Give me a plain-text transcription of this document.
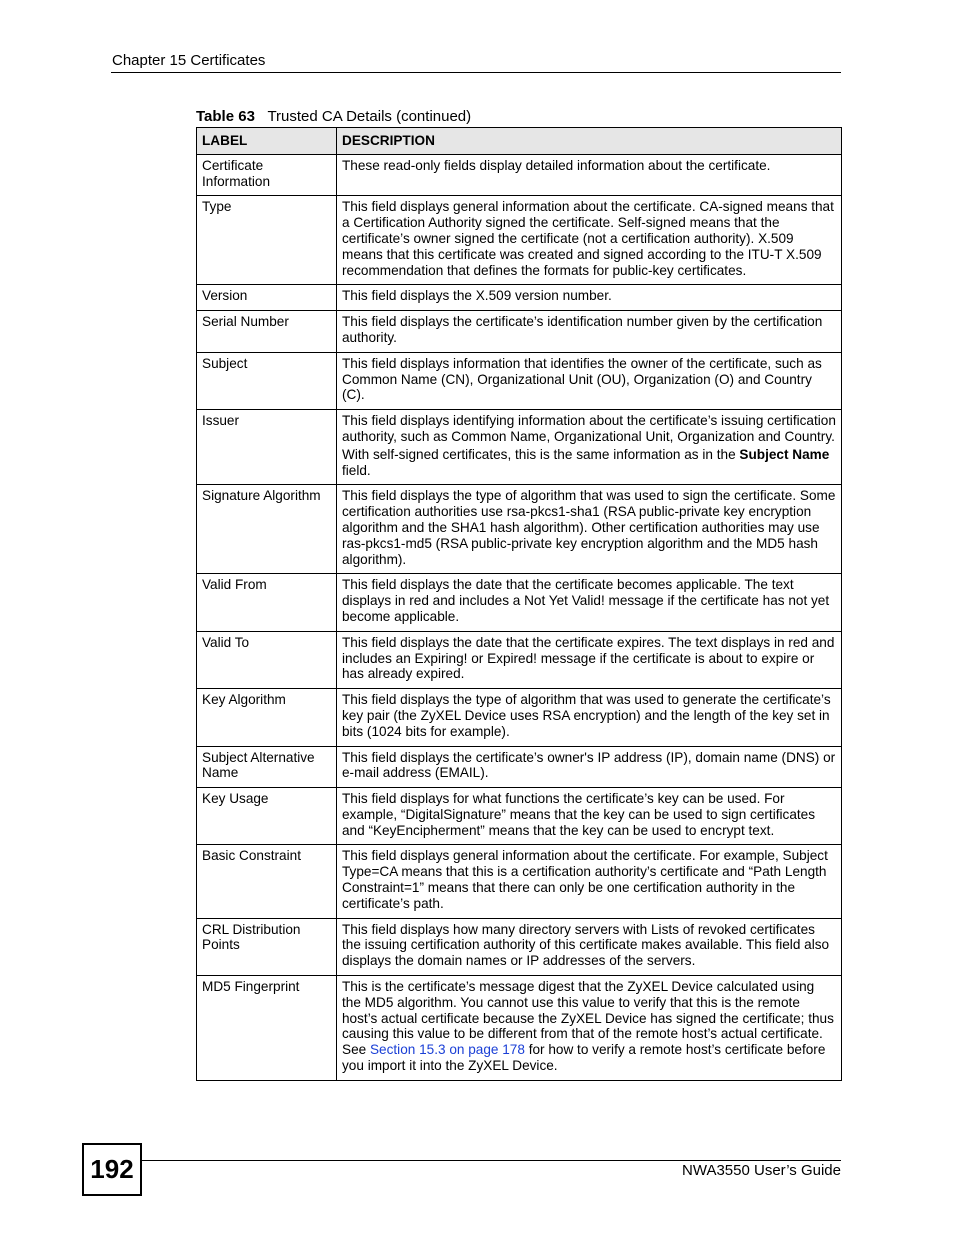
Chapter 15 Certificates
Table 63 Trusted CA Details (continued)
LABEL	DESCRIPTION
Certificate Information	These read-only fields display detailed information about the certificate.
Type	This field displays general information about the certificate. CA-signed means that a Certification Authority signed the certificate. Self-signed means that the certificate’s owner signed the certificate (not a certification authority). X.509 means that this certificate was created and signed according to the ITU-T X.509 recommendation that defines the formats for public-key certificates.
Version	This field displays the X.509 version number.
Serial Number	This field displays the certificate’s identification number given by the certification authority.
Subject	This field displays information that identifies the owner of the certificate, such as Common Name (CN), Organizational Unit (OU), Organization (O) and Country (C).
Issuer	This field displays identifying information about the certificate’s issuing certification authority, such as Common Name, Organizational Unit, Organization and Country.

With self-signed certificates, this is the same information as in the Subject Name field.

Signature Algorithm	This field displays the type of algorithm that was used to sign the certificate. Some certification authorities use rsa-pkcs1-sha1 (RSA public-private key encryption algorithm and the SHA1 hash algorithm). Other certification authorities may use ras-pkcs1-md5 (RSA public-private key encryption algorithm and the MD5 hash algorithm).
Valid From	This field displays the date that the certificate becomes applicable. The text displays in red and includes a Not Yet Valid! message if the certificate has not yet become applicable.
Valid To	This field displays the date that the certificate expires. The text displays in red and includes an Expiring! or Expired! message if the certificate is about to expire or has already expired.
Key Algorithm	This field displays the type of algorithm that was used to generate the certificate’s key pair (the ZyXEL Device uses RSA encryption) and the length of the key set in bits (1024 bits for example).
Subject Alternative Name	This field displays the certificate’s owner's IP address (IP), domain name (DNS) or e-mail address (EMAIL).
Key Usage	This field displays for what functions the certificate’s key can be used. For example, “DigitalSignature” means that the key can be used to sign certificates and “KeyEncipherment” means that the key can be used to encrypt text.
Basic Constraint	This field displays general information about the certificate. For example, Subject Type=CA means that this is a certification authority’s certificate and “Path Length Constraint=1” means that there can only be one certification authority in the certificate’s path.
CRL Distribution Points	This field displays how many directory servers with Lists of revoked certificates the issuing certification authority of this certificate makes available. This field also displays the domain names or IP addresses of the servers.
MD5 Fingerprint	This is the certificate’s message digest that the ZyXEL Device calculated using the MD5 algorithm. You cannot use this value to verify that this is the remote host’s actual certificate because the ZyXEL Device has signed the certificate; thus causing this value to be different from that of the remote host’s actual certificate. See Section 15.3 on page 178 for how to verify a remote host’s certificate before you import it into the ZyXEL Device.
192	NWA3550 User’s Guide
